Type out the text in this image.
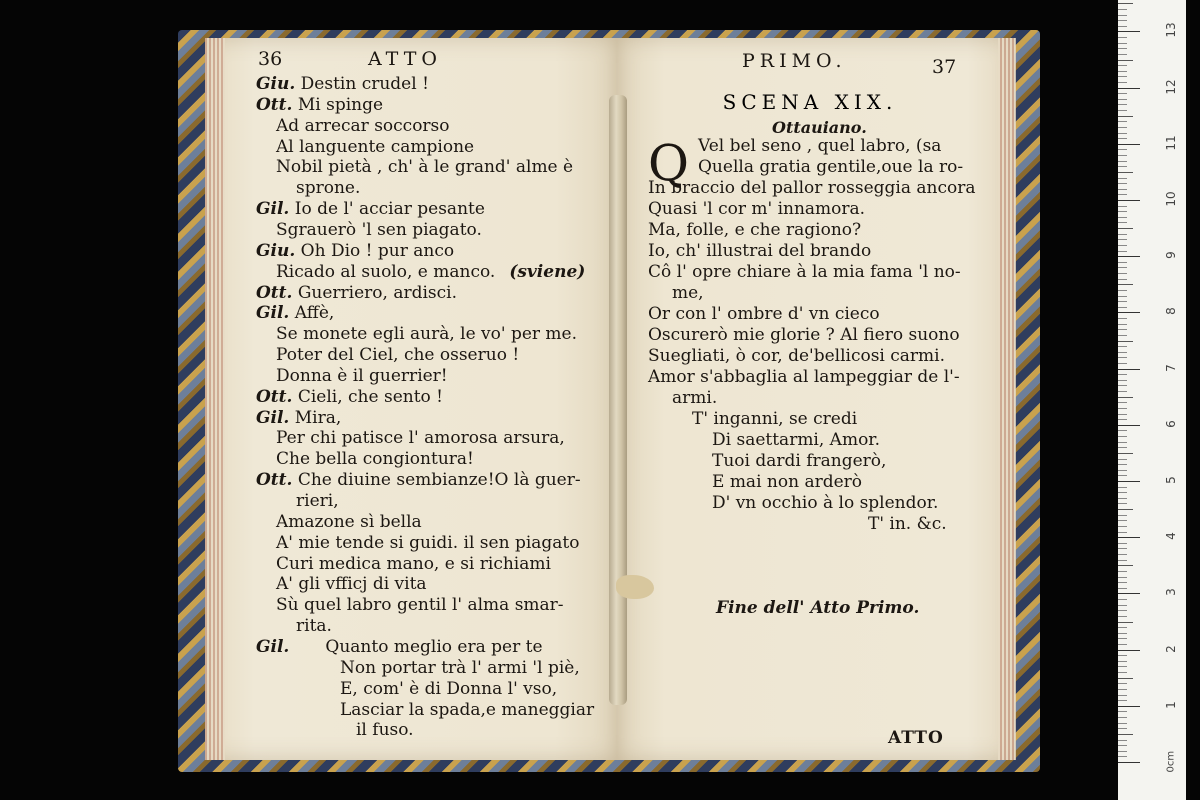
36	ATTO
Giu. Destin crudel !
Ott. Mi spinge
Ad arrecar soccorso
Al languente campione
Nobil pietà , ch' à le grand' alme è
sprone.
Gil. Io de l' acciar pesante
Sgrauerò 'l sen piagato.
Giu. Oh Dio ! pur anco
Ricado al suolo, e manco. (sviene)
Ott. Guerriero, ardisci.
Gil. Affè,
Se monete egli aurà, le vo' per me.
Poter del Ciel, che osseruo !
Donna è il guerrier!
Ott. Cieli, che sento !
Gil. Mira,
Per chi patisce l' amorosa arsura,
Che bella congiontura!
Ott. Che diuine sembianze!O là guer-
rieri,
Amazone sì bella
A' mie tende si guidi. il sen piagato
Curi medica mano, e si richiami
A' gli vfficj di vita
Sù quel labro gentil l' alma smar-
rita.
Gil. Quanto meglio era per te
Non portar trà l' armi 'l piè,
E, com' è di Donna l' vso,
Lasciar la spada,e maneggiar
il fuso.
PRIMO.	37
SCENA XIX.
Ottauiano.
Q Vel bel seno , quel labro, (sa
Quella gratia gentile,oue la ro-
In braccio del pallor rosseggia ancora
Quasi 'l cor m' innamora.
Ma, folle, e che ragiono?
Io, ch' illustrai del brando
Cô l' opre chiare à la mia fama 'l no-
me,
Or con l' ombre d' vn cieco
Oscurerò mie glorie ? Al fiero suono
Suegliati, ò cor, de'bellicosi carmi.
Amor s'abbaglia al lampeggiar de l'-
armi.
T' inganni, se credi
Di saettarmi, Amor.
Tuoi dardi frangerò,
E mai non arderò
D' vn occhio à lo splendor.
T' in. &c.
Fine dell' Atto Primo.
ATTO
0cm
1
2
3
4
5
6
7
8
9
10
11
12
13
